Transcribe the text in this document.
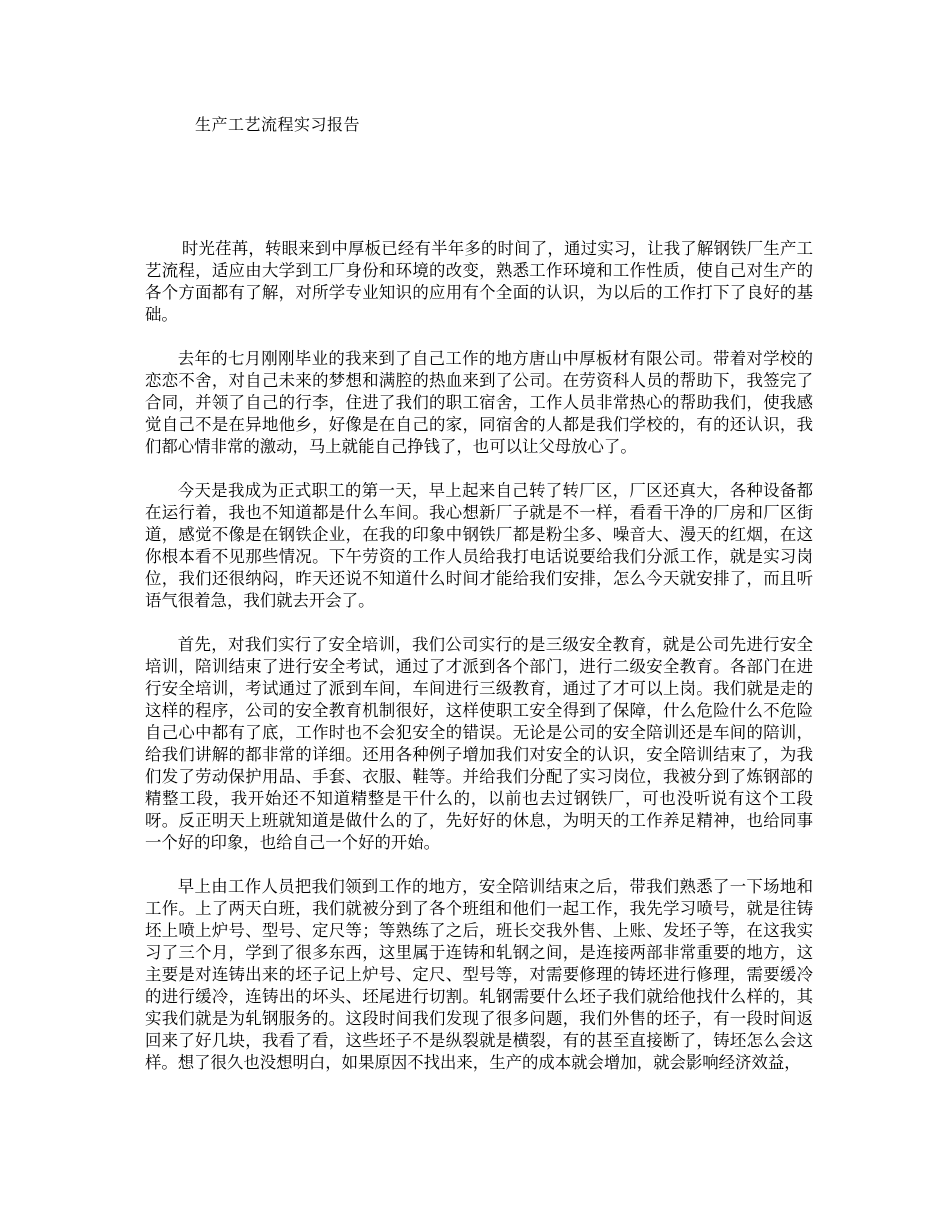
生产工艺流程实习报告

时光荏苒，转眼来到中厚板已经有半年多的时间了，通过实习，让我了解钢铁厂生产工艺流程，适应由大学到工厂身份和环境的改变，熟悉工作环境和工作性质，使自己对生产的各个方面都有了解，对所学专业知识的应用有个全面的认识，为以后的工作打下了良好的基础。

去年的七月刚刚毕业的我来到了自己工作的地方唐山中厚板材有限公司。带着对学校的恋恋不舍，对自己未来的梦想和满腔的热血来到了公司。在劳资科人员的帮助下，我签完了合同，并领了自己的行李，住进了我们的职工宿舍，工作人员非常热心的帮助我们，使我感觉自己不是在异地他乡，好像是在自己的家，同宿舍的人都是我们学校的，有的还认识，我们都心情非常的激动，马上就能自己挣钱了，也可以让父母放心了。

今天是我成为正式职工的第一天，早上起来自己转了转厂区，厂区还真大，各种设备都在运行着，我也不知道都是什么车间。我心想新厂子就是不一样，看看干净的厂房和厂区街道，感觉不像是在钢铁企业，在我的印象中钢铁厂都是粉尘多、噪音大、漫天的红烟，在这你根本看不见那些情况。下午劳资的工作人员给我打电话说要给我们分派工作，就是实习岗位，我们还很纳闷，昨天还说不知道什么时间才能给我们安排，怎么今天就安排了，而且听语气很着急，我们就去开会了。

首先，对我们实行了安全培训，我们公司实行的是三级安全教育，就是公司先进行安全培训，陪训结束了进行安全考试，通过了才派到各个部门，进行二级安全教育。各部门在进行安全培训，考试通过了派到车间，车间进行三级教育，通过了才可以上岗。我们就是走的这样的程序，公司的安全教育机制很好，这样使职工安全得到了保障，什么危险什么不危险自己心中都有了底，工作时也不会犯安全的错误。无论是公司的安全陪训还是车间的陪训，给我们讲解的都非常的详细。还用各种例子增加我们对安全的认识，安全陪训结束了，为我们发了劳动保护用品、手套、衣服、鞋等。并给我们分配了实习岗位，我被分到了炼钢部的精整工段，我开始还不知道精整是干什么的，以前也去过钢铁厂，可也没听说有这个工段呀。反正明天上班就知道是做什么的了，先好好的休息，为明天的工作养足精神，也给同事一个好的印象，也给自己一个好的开始。

早上由工作人员把我们领到工作的地方，安全陪训结束之后，带我们熟悉了一下场地和工作。上了两天白班，我们就被分到了各个班组和他们一起工作，我先学习喷号，就是往铸坯上喷上炉号、型号、定尺等；等熟练了之后，班长交我外售、上账、发坯子等，在这我实习了三个月，学到了很多东西，这里属于连铸和轧钢之间，是连接两部非常重要的地方，这主要是对连铸出来的坯子记上炉号、定尺、型号等，对需要修理的铸坯进行修理，需要缓冷的进行缓冷，连铸出的坏头、坯尾进行切割。轧钢需要什么坯子我们就给他找什么样的，其实我们就是为轧钢服务的。这段时间我们发现了很多问题，我们外售的坯子，有一段时间返回来了好几块，我看了看，这些坯子不是纵裂就是横裂，有的甚至直接断了，铸坯怎么会这样。想了很久也没想明白，如果原因不找出来，生产的成本就会增加，就会影响经济效益，
